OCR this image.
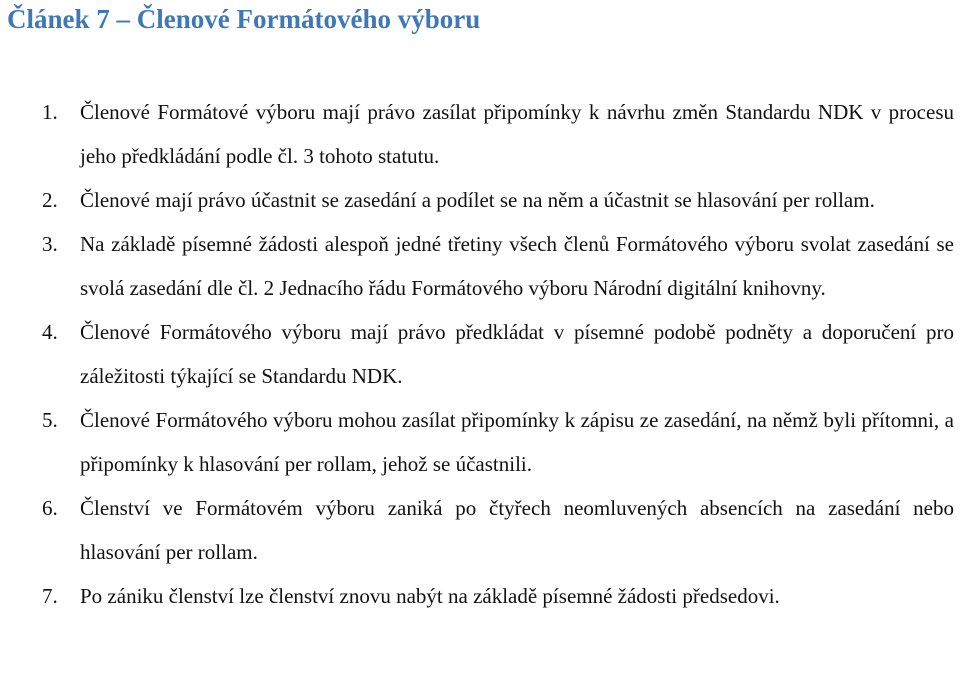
Článek 7 – Členové Formátového výboru
1. Členové Formátové výboru mají právo zasílat připomínky k návrhu změn Standardu NDK v procesu jeho předkládání podle čl. 3 tohoto statutu.
2. Členové mají právo účastnit se zasedání a podílet se na něm a účastnit se hlasování per rollam.
3. Na základě písemné žádosti alespoň jedné třetiny všech členů Formátového výboru svolat zasedání se svolá zasedání dle čl. 2 Jednacího řádu Formátového výboru Národní digitální knihovny.
4. Členové Formátového výboru mají právo předkládat v písemné podobě podněty a doporučení pro záležitosti týkající se Standardu NDK.
5. Členové Formátového výboru mohou zasílat připomínky k zápisu ze zasedání, na němž byli přítomni, a připomínky k hlasování per rollam, jehož se účastnili.
6. Členství ve Formátovém výboru zaniká po čtyřech neomluvených absencích na zasedání nebo hlasování per rollam.
7. Po zániku členství lze členství znovu nabýt na základě písemné žádosti předsedovi.
